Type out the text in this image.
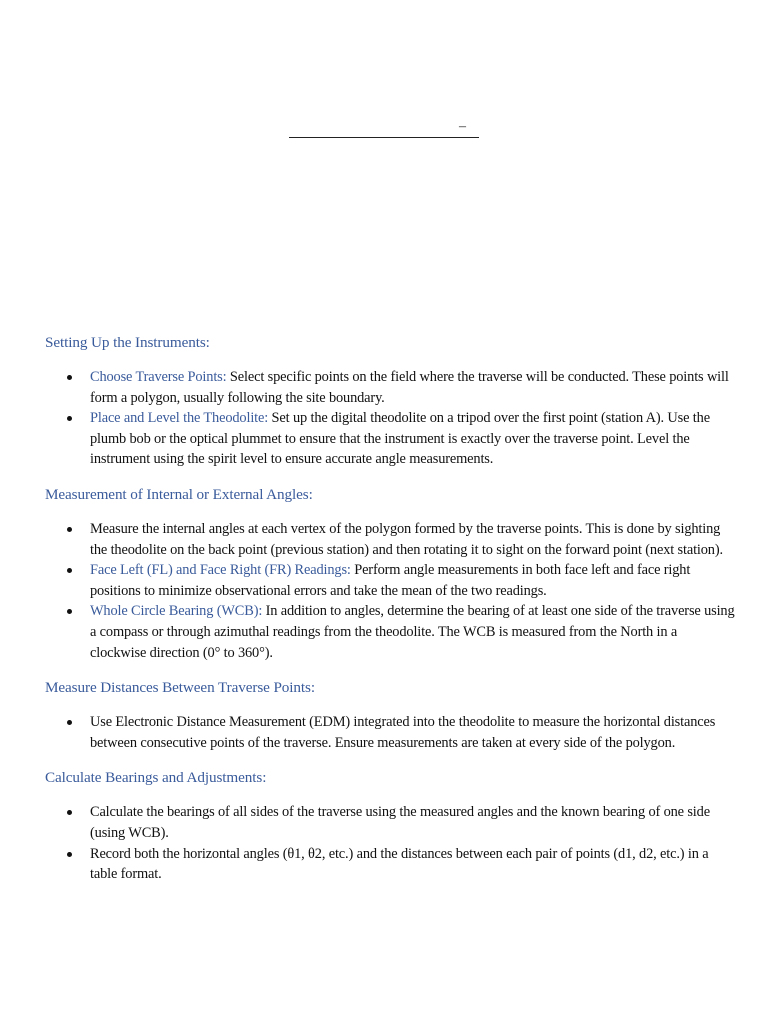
–
Setting Up the Instruments:
Choose Traverse Points: Select specific points on the field where the traverse will be conducted. These points will form a polygon, usually following the site boundary.
Place and Level the Theodolite: Set up the digital theodolite on a tripod over the first point (station A). Use the plumb bob or the optical plummet to ensure that the instrument is exactly over the traverse point. Level the instrument using the spirit level to ensure accurate angle measurements.
Measurement of Internal or External Angles:
Measure the internal angles at each vertex of the polygon formed by the traverse points. This is done by sighting the theodolite on the back point (previous station) and then rotating it to sight on the forward point (next station).
Face Left (FL) and Face Right (FR) Readings: Perform angle measurements in both face left and face right positions to minimize observational errors and take the mean of the two readings.
Whole Circle Bearing (WCB): In addition to angles, determine the bearing of at least one side of the traverse using a compass or through azimuthal readings from the theodolite. The WCB is measured from the North in a clockwise direction (0° to 360°).
Measure Distances Between Traverse Points:
Use Electronic Distance Measurement (EDM) integrated into the theodolite to measure the horizontal distances between consecutive points of the traverse. Ensure measurements are taken at every side of the polygon.
Calculate Bearings and Adjustments:
Calculate the bearings of all sides of the traverse using the measured angles and the known bearing of one side (using WCB).
Record both the horizontal angles (θ1, θ2, etc.) and the distances between each pair of points (d1, d2, etc.) in a table format.
